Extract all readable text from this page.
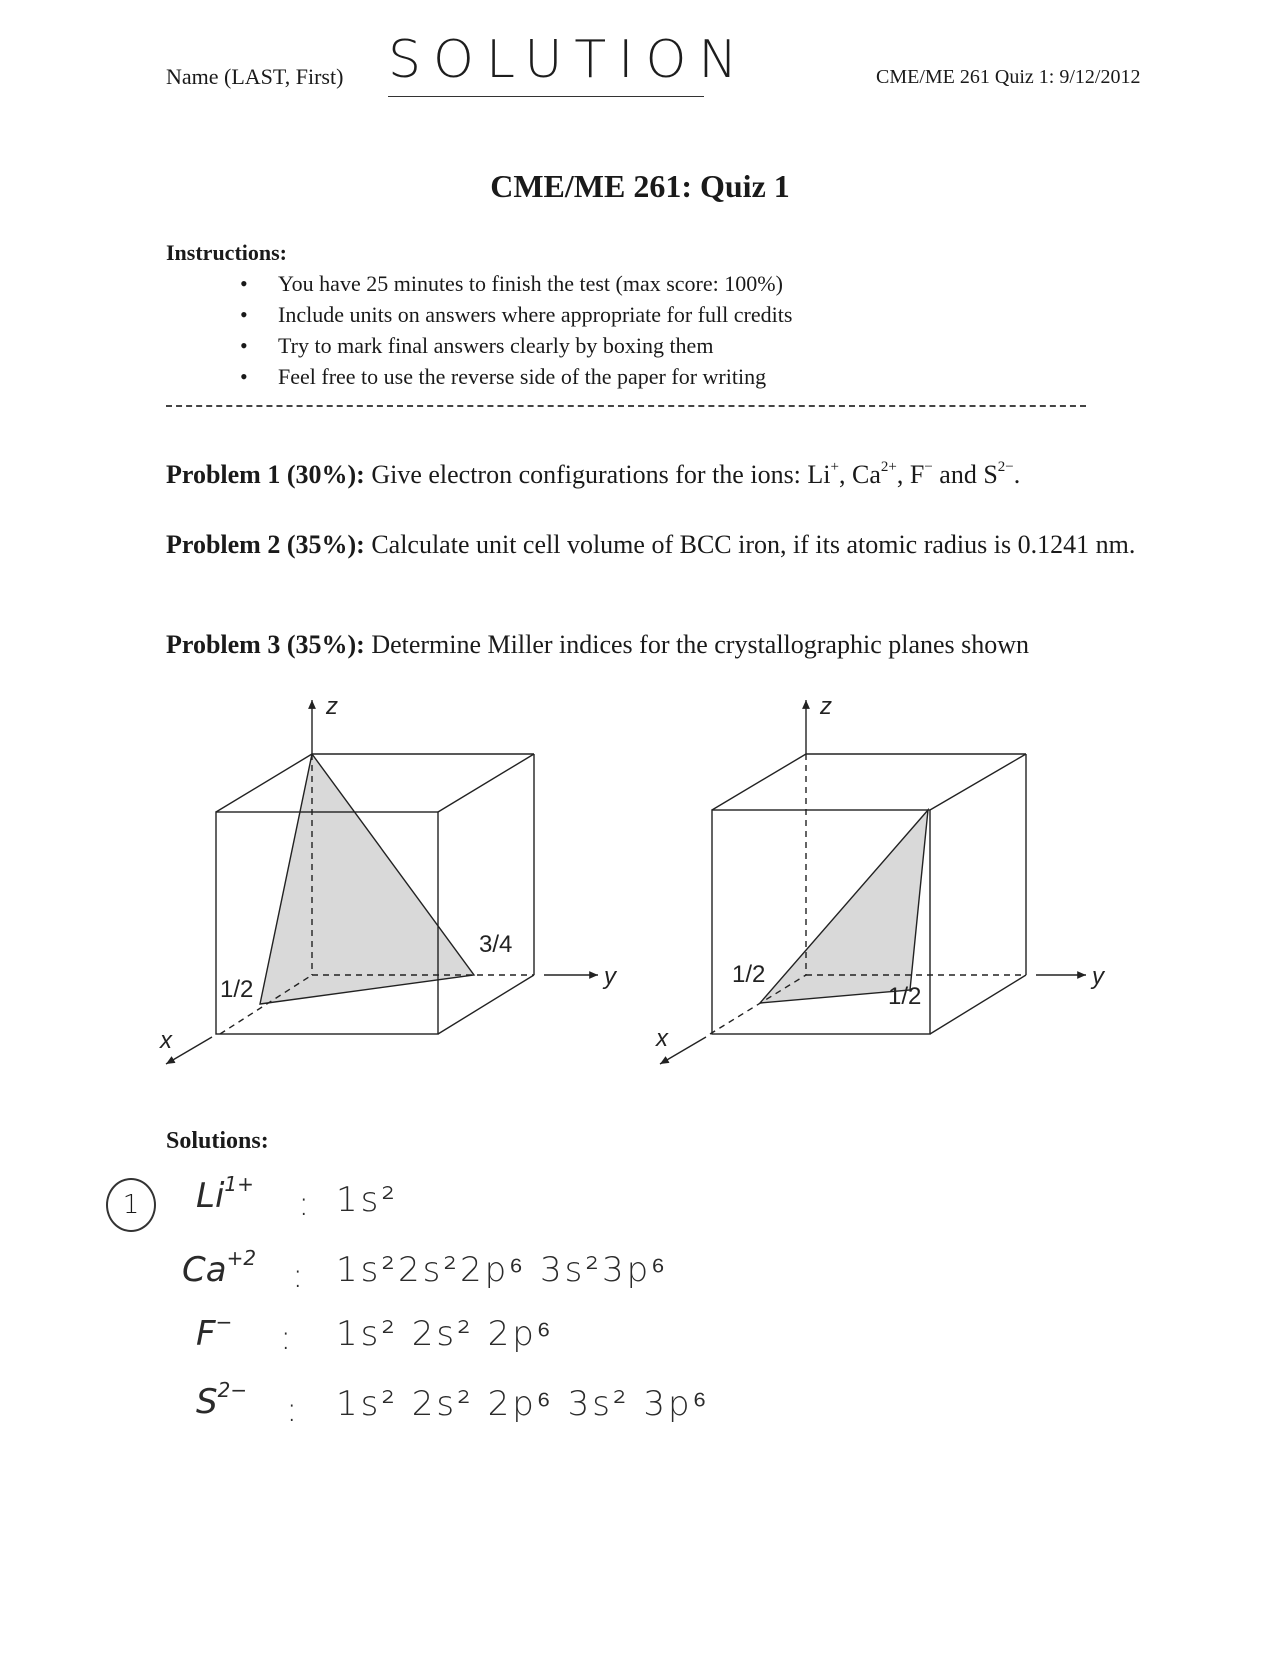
Name (LAST, First) SOLUTION	CME/ME 261 Quiz 1: 9/12/2012
CME/ME 261: Quiz 1
Instructions:
• You have 25 minutes to finish the test (max score: 100%)
• Include units on answers where appropriate for full credits
• Try to mark final answers clearly by boxing them
• Feel free to use the reverse side of the paper for writing
Problem 1 (30%): Give electron configurations for the ions: Li+, $Ca^{2+}$, F− and $S^{2-}$.
Problem 2 (35%): Calculate unit cell volume of BCC iron, if its atomic radius is 0.1241 nm.
Problem 3 (35%): Determine Miller indices for the crystallographic planes shown
z
y
x
1/2
3/4
z
y
x
1/2
1/2
Solutions:
1 $Li^{1+}$
: 1s²
$Ca^{+2}$ : 1s²2s²2p⁶ 3s²3p⁶
F− : 1s² 2s² 2p⁶
$S^{2-}$
: 1s² 2s² 2p⁶ 3s² 3p⁶
